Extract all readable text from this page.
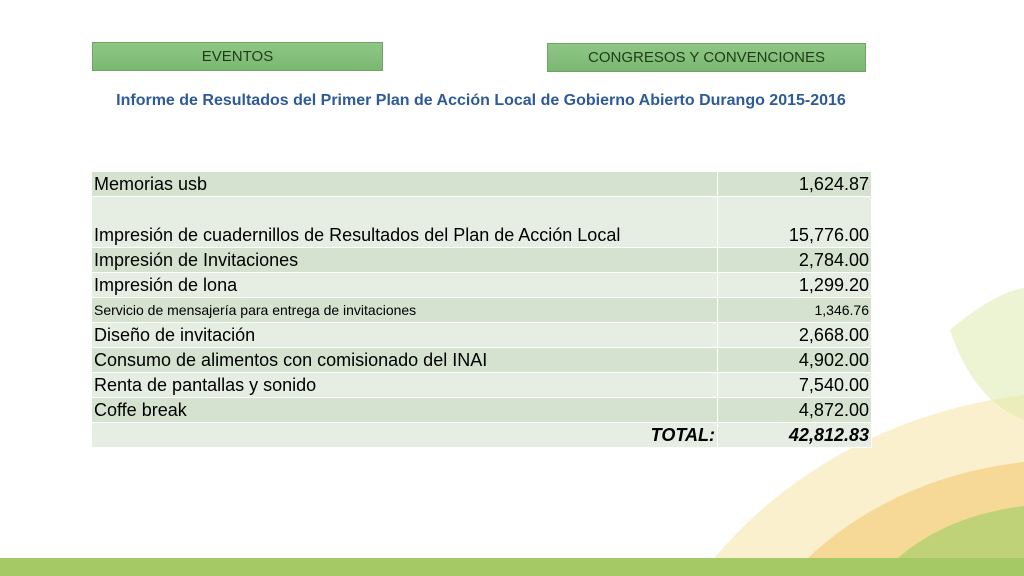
EVENTOS	CONGRESOS Y CONVENCIONES
Informe de Resultados del Primer Plan de Acción Local de Gobierno Abierto Durango 2015-2016
Memorias usb	1,624.87
Impresión de cuadernillos de Resultados del Plan de Acción Local	15,776.00
Impresión de Invitaciones	2,784.00
Impresión de lona	1,299.20
Servicio de mensajería para entrega de invitaciones	1,346.76
Diseño de invitación	2,668.00
Consumo de alimentos con comisionado del INAI	4,902.00
Renta de pantallas y sonido	7,540.00
Coffe break	4,872.00
TOTAL:	42,812.83
